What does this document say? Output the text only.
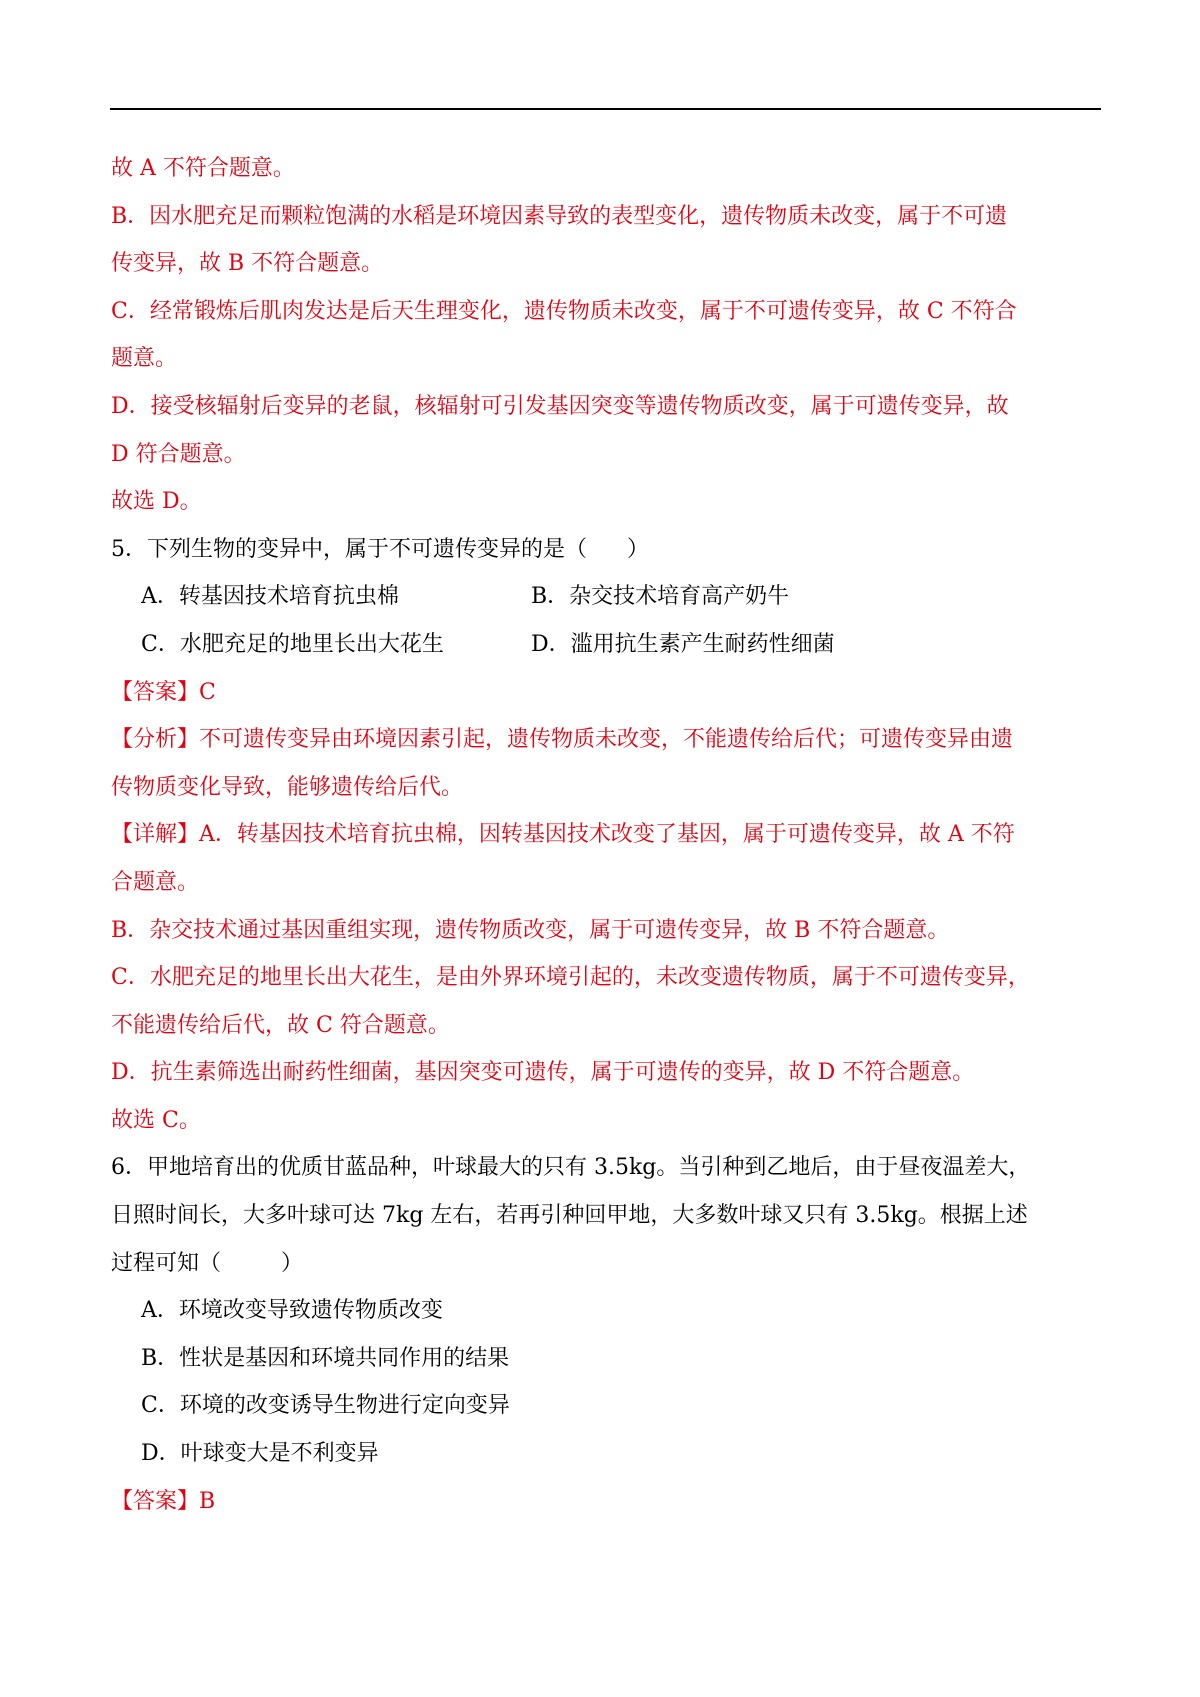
故 A 不符合题意。
B．因水肥充足而颗粒饱满的水稻是环境因素导致的表型变化，遗传物质未改变，属于不可遗
传变异，故 B 不符合题意。
C．经常锻炼后肌肉发达是后天生理变化，遗传物质未改变，属于不可遗传变异，故 C 不符合
题意。
D．接受核辐射后变异的老鼠，核辐射可引发基因突变等遗传物质改变，属于可遗传变异，故
D 符合题意。
故选 D。
5．下列生物的变异中，属于不可遗传变异的是（ ）
A．转基因技术培育抗虫棉	B．杂交技术培育高产奶牛
C．水肥充足的地里长出大花生	D．滥用抗生素产生耐药性细菌
【答案】C
【分析】不可遗传变异由环境因素引起，遗传物质未改变，不能遗传给后代；可遗传变异由遗
传物质变化导致，能够遗传给后代。
【详解】A．转基因技术培育抗虫棉，因转基因技术改变了基因，属于可遗传变异，故 A 不符
合题意。
B．杂交技术通过基因重组实现，遗传物质改变，属于可遗传变异，故 B 不符合题意。
C．水肥充足的地里长出大花生，是由外界环境引起的，未改变遗传物质，属于不可遗传变异，
不能遗传给后代，故 C 符合题意。
D．抗生素筛选出耐药性细菌，基因突变可遗传，属于可遗传的变异，故 D 不符合题意。
故选 C。
6．甲地培育出的优质甘蓝品种，叶球最大的只有 3.5kg。当引种到乙地后，由于昼夜温差大，
日照时间长，大多叶球可达 7kg 左右，若再引种回甲地，大多数叶球又只有 3.5kg。根据上述
过程可知（	）
A．环境改变导致遗传物质改变
B．性状是基因和环境共同作用的结果
C．环境的改变诱导生物进行定向变异
D．叶球变大是不利变异
【答案】B
